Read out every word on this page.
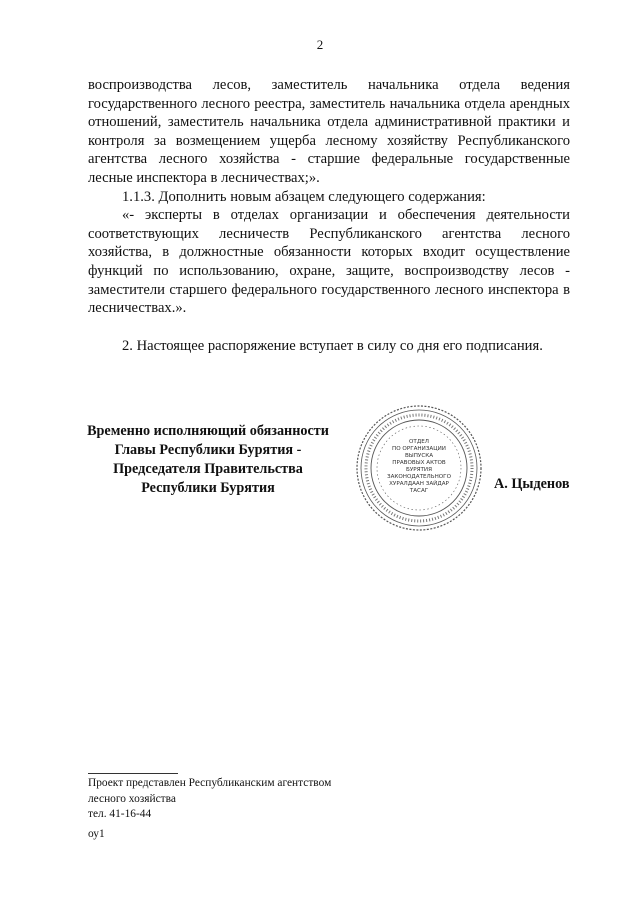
2

воспроизводства лесов, заместитель начальника отдела ведения государственного лесного реестра, заместитель начальника отдела арендных отношений, заместитель начальника отдела административной практики и контроля за возмещением ущерба лесному хозяйству Республиканского агентства лесного хозяйства - старшие федеральные государственные лесные инспектора в лесничествах;».

1.1.3. Дополнить новым абзацем следующего содержания:

«- эксперты в отделах организации и обеспечения деятельности соответствующих лесничеств Республиканского агентства лесного хозяйства, в должностные обязанности которых входит осуществление функций по использованию, охране, защите, воспроизводству лесов - заместители старшего федерального государственного лесного инспектора в лесничествах.».

2. Настоящее распоряжение вступает в силу со дня его подписания.

Временно исполняющий обязанности
Главы Республики Бурятия -
Председателя Правительства
Республики Бурятия
ОТДЕЛ
ПО ОРГАНИЗАЦИИ
ВЫПУСКА
ПРАВОВЫХ АКТОВ
БУРЯТИЯ
ЗАКОНОДАТЕЛЬНОГО
ХУРАЛДААН ЗАЙДАР
ТАСАГ	А. Цыденов
Проект представлен Республиканским агентством
лесного хозяйства
тел. 41-16-44
оу1
